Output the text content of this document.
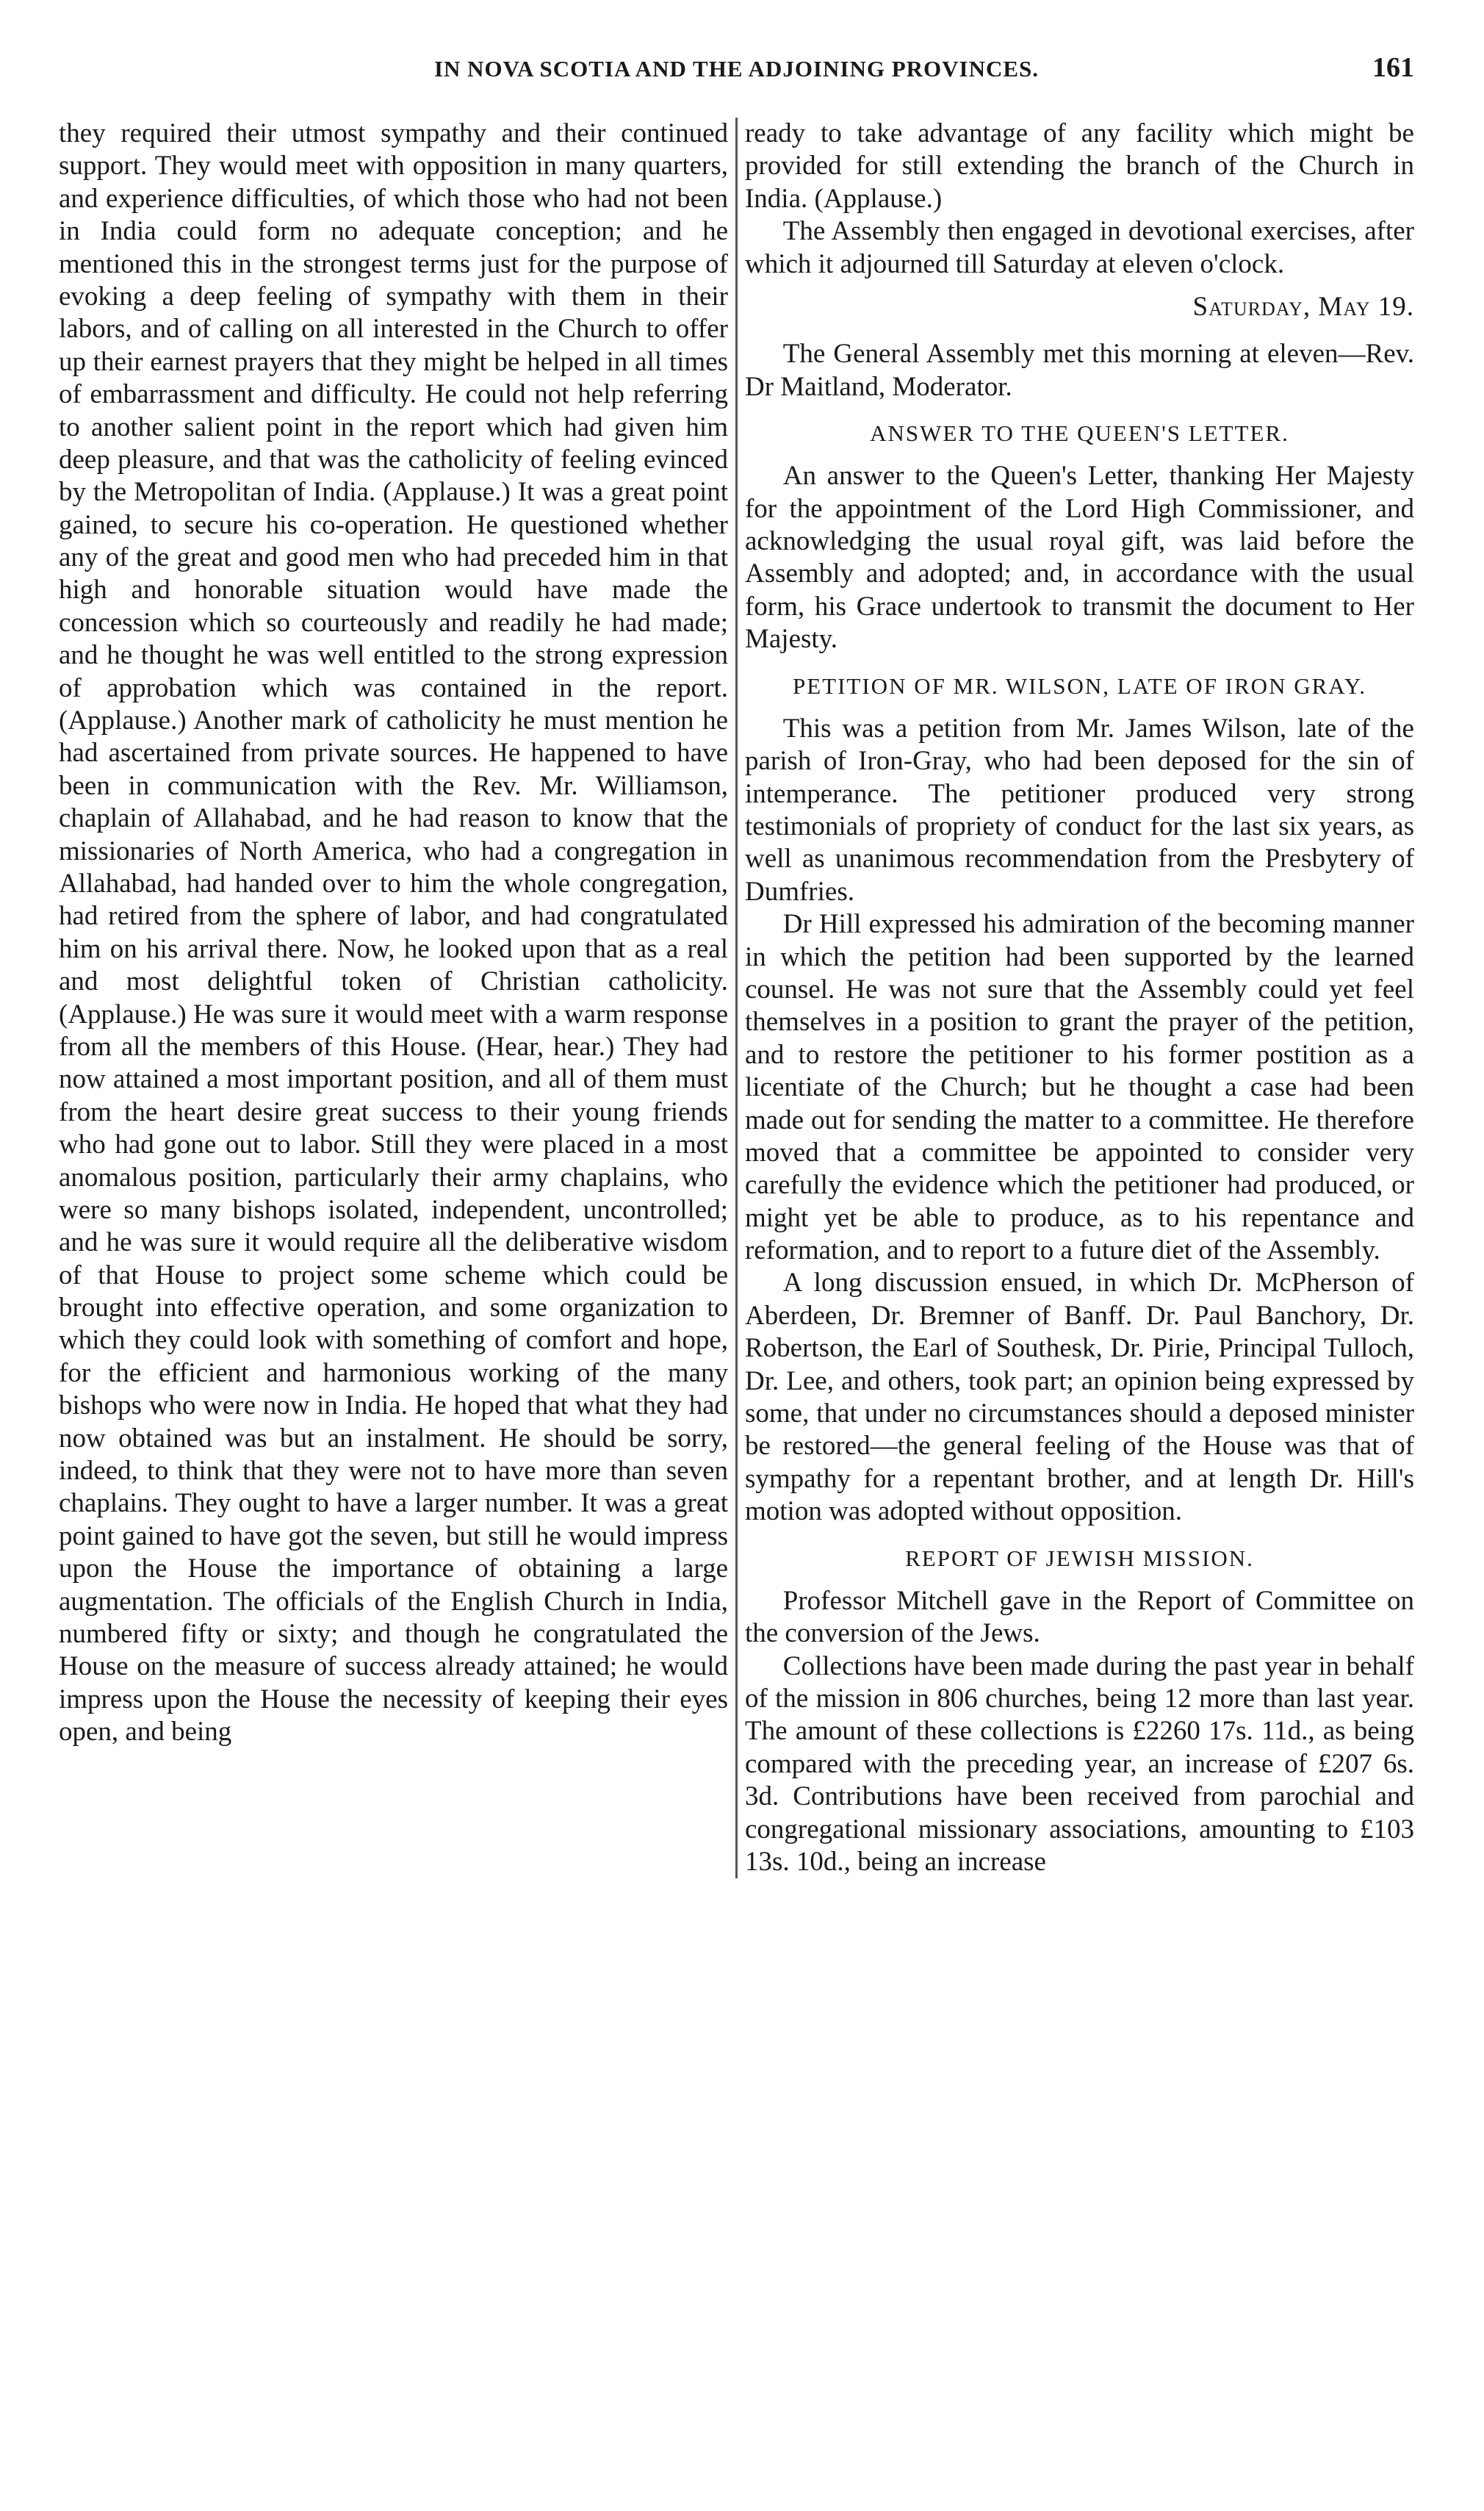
IN NOVA SCOTIA AND THE ADJOINING PROVINCES.	161

they required their utmost sympathy and their continued support. They would meet with opposition in many quarters, and experience difficulties, of which those who had not been in India could form no adequate conception; and he mentioned this in the strongest terms just for the purpose of evoking a deep feeling of sympathy with them in their labors, and of calling on all interested in the Church to offer up their earnest prayers that they might be helped in all times of embarrassment and difficulty. He could not help referring to another salient point in the report which had given him deep pleasure, and that was the catholicity of feeling evinced by the Metropolitan of India. (Applause.) It was a great point gained, to secure his co-operation. He questioned whether any of the great and good men who had preceded him in that high and honorable situation would have made the concession which so courteously and readily he had made; and he thought he was well entitled to the strong expression of approbation which was contained in the report. (Applause.) Another mark of catholicity he must mention he had ascertained from private sources. He happened to have been in communication with the Rev. Mr. Williamson, chaplain of Allahabad, and he had reason to know that the missionaries of North America, who had a congregation in Allahabad, had handed over to him the whole congregation, had retired from the sphere of labor, and had congratulated him on his arrival there. Now, he looked upon that as a real and most delightful token of Christian catholicity. (Applause.) He was sure it would meet with a warm response from all the members of this House. (Hear, hear.) They had now attained a most important position, and all of them must from the heart desire great success to their young friends who had gone out to labor. Still they were placed in a most anomalous position, particularly their army chaplains, who were so many bishops isolated, independent, uncontrolled; and he was sure it would require all the deliberative wisdom of that House to project some scheme which could be brought into effective operation, and some organization to which they could look with something of comfort and hope, for the efficient and harmonious working of the many bishops who were now in India. He hoped that what they had now obtained was but an instalment. He should be sorry, indeed, to think that they were not to have more than seven chaplains. They ought to have a larger number. It was a great point gained to have got the seven, but still he would impress upon the House the importance of obtaining a large augmentation. The officials of the English Church in India, numbered fifty or sixty; and though he congratulated the House on the measure of success already attained; he would impress upon the House the necessity of keeping their eyes open, and being

ready to take advantage of any facility which might be provided for still extending the branch of the Church in India. (Applause.)

The Assembly then engaged in devotional exercises, after which it adjourned till Saturday at eleven o'clock.

Saturday, May 19.

The General Assembly met this morning at eleven—Rev. Dr Maitland, Moderator.

ANSWER TO THE QUEEN'S LETTER.

An answer to the Queen's Letter, thanking Her Majesty for the appointment of the Lord High Commissioner, and acknowledging the usual royal gift, was laid before the Assembly and adopted; and, in accordance with the usual form, his Grace undertook to transmit the document to Her Majesty.

PETITION OF MR. WILSON, LATE OF IRON GRAY.

This was a petition from Mr. James Wilson, late of the parish of Iron-Gray, who had been deposed for the sin of intemperance. The petitioner produced very strong testimonials of propriety of conduct for the last six years, as well as unanimous recommendation from the Presbytery of Dumfries.

Dr Hill expressed his admiration of the becoming manner in which the petition had been supported by the learned counsel. He was not sure that the Assembly could yet feel themselves in a position to grant the prayer of the petition, and to restore the petitioner to his former postition as a licentiate of the Church; but he thought a case had been made out for sending the matter to a committee. He therefore moved that a committee be appointed to consider very carefully the evidence which the petitioner had produced, or might yet be able to produce, as to his repentance and reformation, and to report to a future diet of the Assembly.

A long discussion ensued, in which Dr. McPherson of Aberdeen, Dr. Bremner of Banff. Dr. Paul Banchory, Dr. Robertson, the Earl of Southesk, Dr. Pirie, Principal Tulloch, Dr. Lee, and others, took part; an opinion being expressed by some, that under no circumstances should a deposed minister be restored—the general feeling of the House was that of sympathy for a repentant brother, and at length Dr. Hill's motion was adopted without opposition.

REPORT OF JEWISH MISSION.

Professor Mitchell gave in the Report of Committee on the conversion of the Jews.

Collections have been made during the past year in behalf of the mission in 806 churches, being 12 more than last year. The amount of these collections is £2260 17s. 11d., as being compared with the preceding year, an increase of £207 6s. 3d. Contributions have been received from parochial and congregational missionary associations, amounting to £103 13s. 10d., being an increase
